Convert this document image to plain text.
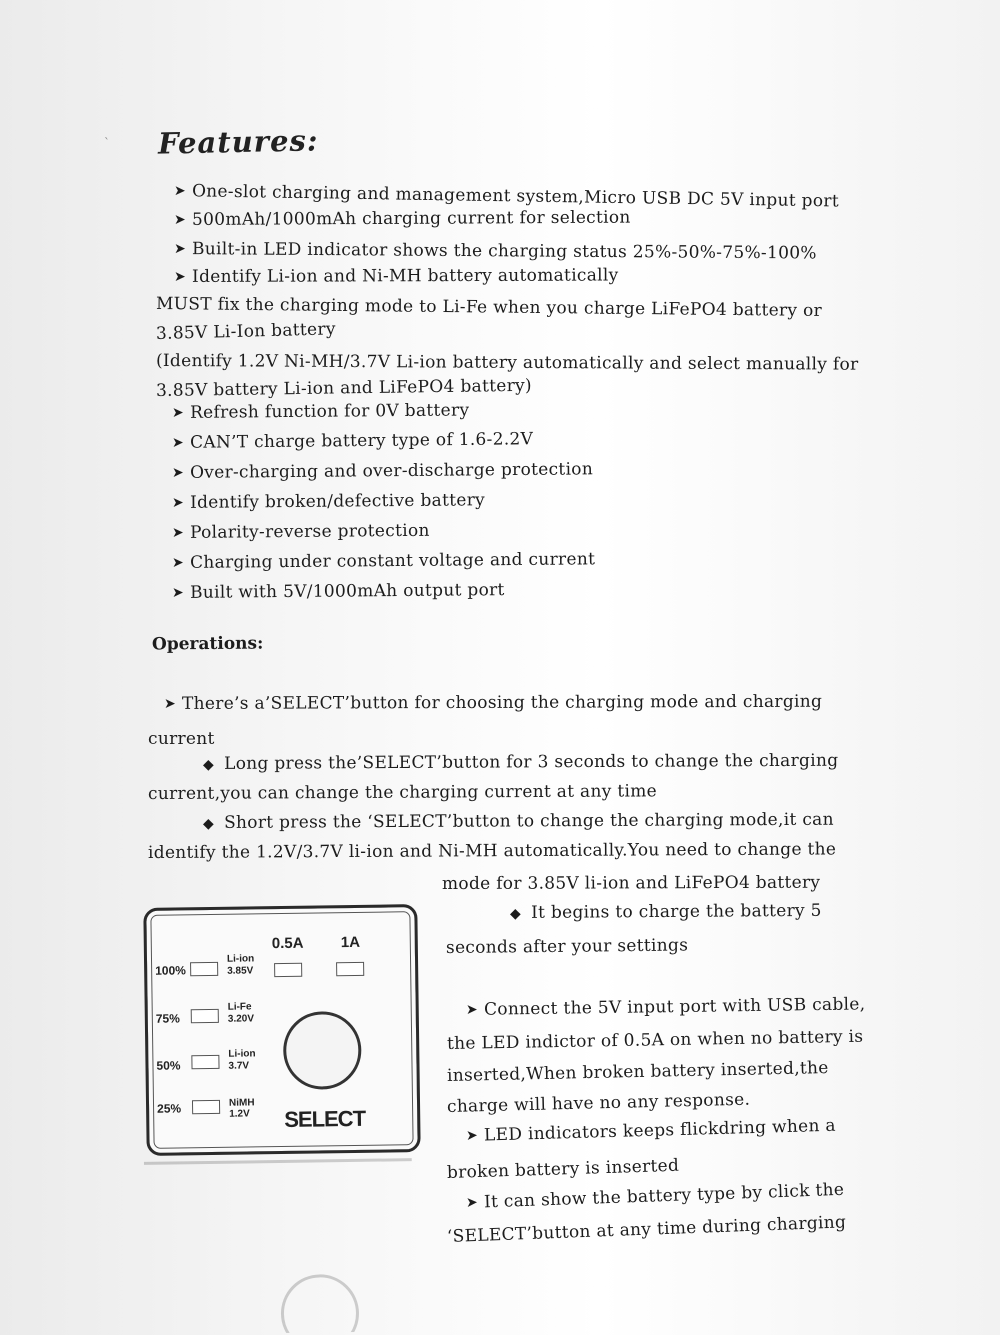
` Features:
➤ One-slot charging and management system,Micro USB DC 5V input port
➤ 500mAh/1000mAh charging current for selection
➤ Built-in LED indicator shows the charging status 25%-50%-75%-100%
➤ Identify Li-ion and Ni-MH battery automatically
MUST fix the charging mode to Li-Fe when you charge LiFePO4 battery or
3.85V Li-Ion battery
(Identify 1.2V Ni-MH/3.7V Li-ion battery automatically and select manually for
3.85V battery Li-ion and LiFePO4 battery)
➤ Refresh function for 0V battery
➤ CAN’T charge battery type of 1.6-2.2V
➤ Over-charging and over-discharge protection
➤ Identify broken/defective battery
➤ Polarity-reverse protection
➤ Charging under constant voltage and current
➤ Built with 5V/1000mAh output port
Operations:
➤ There’s a’SELECT’button for choosing the charging mode and charging
current
◆ Long press the’SELECT’button for 3 seconds to change the charging
current,you can change the charging current at any time
◆ Short press the ‘SELECT’button to change the charging mode,it can
identify the 1.2V/3.7V li-ion and Ni-MH automatically.You need to change the
mode for 3.85V li-ion and LiFePO4 battery
◆ It begins to charge the battery 5
seconds after your settings
➤ Connect the 5V input port with USB cable,
the LED indictor of 0.5A on when no battery is
inserted,When broken battery inserted,the
charge will have no any response.
➤ LED indicators keeps flickdring when a
broken battery is inserted
➤ It can show the battery type by click the
‘SELECT’button at any time during charging
0.5A 1A
100%
Li-ion
3.85V
75%
Li-Fe
3.20V
50%
Li-ion
3.7V
25%	NiMH
1.2V SELECT
